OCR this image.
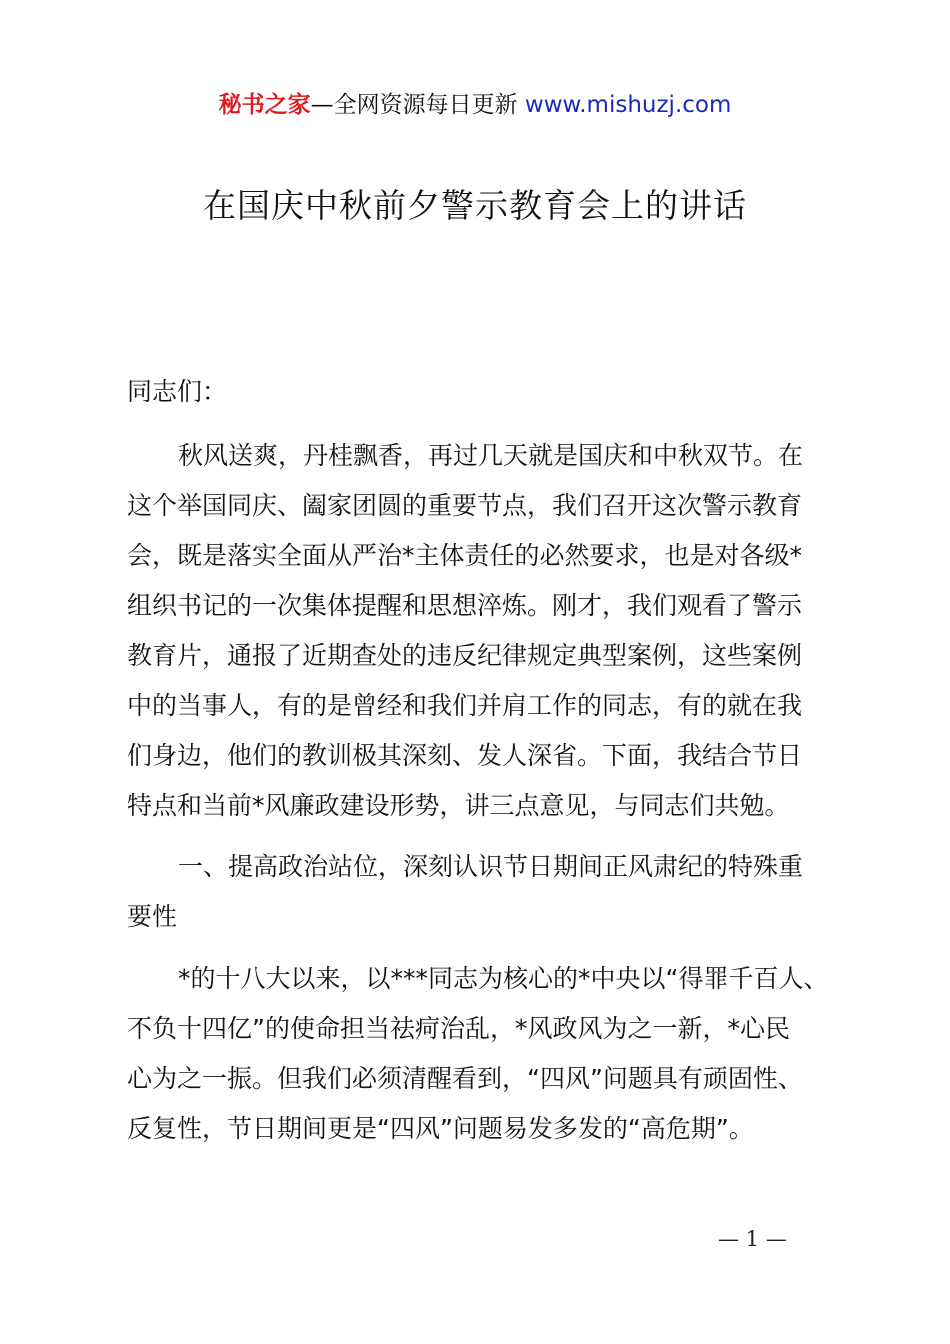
秘书之家—全网资源每日更新 www.mishuzj.com
在国庆中秋前夕警示教育会上的讲话
同志们：
秋风送爽，丹桂飘香，再过几天就是国庆和中秋双节。在
这个举国同庆、阖家团圆的重要节点，我们召开这次警示教育
会，既是落实全面从严治*主体责任的必然要求，也是对各级*
组织书记的一次集体提醒和思想淬炼。刚才，我们观看了警示
教育片，通报了近期查处的违反纪律规定典型案例，这些案例
中的当事人，有的是曾经和我们并肩工作的同志，有的就在我
们身边，他们的教训极其深刻、发人深省。下面，我结合节日
特点和当前*风廉政建设形势，讲三点意见，与同志们共勉。
一、提高政治站位，深刻认识节日期间正风肃纪的特殊重
要性
*的十八大以来，以***同志为核心的*中央以“得罪千百人、
不负十四亿”的使命担当祛疴治乱，*风政风为之一新，*心民
心为之一振。但我们必须清醒看到，“四风”问题具有顽固性、
反复性，节日期间更是“四风”问题易发多发的“高危期”。
— 1 —
